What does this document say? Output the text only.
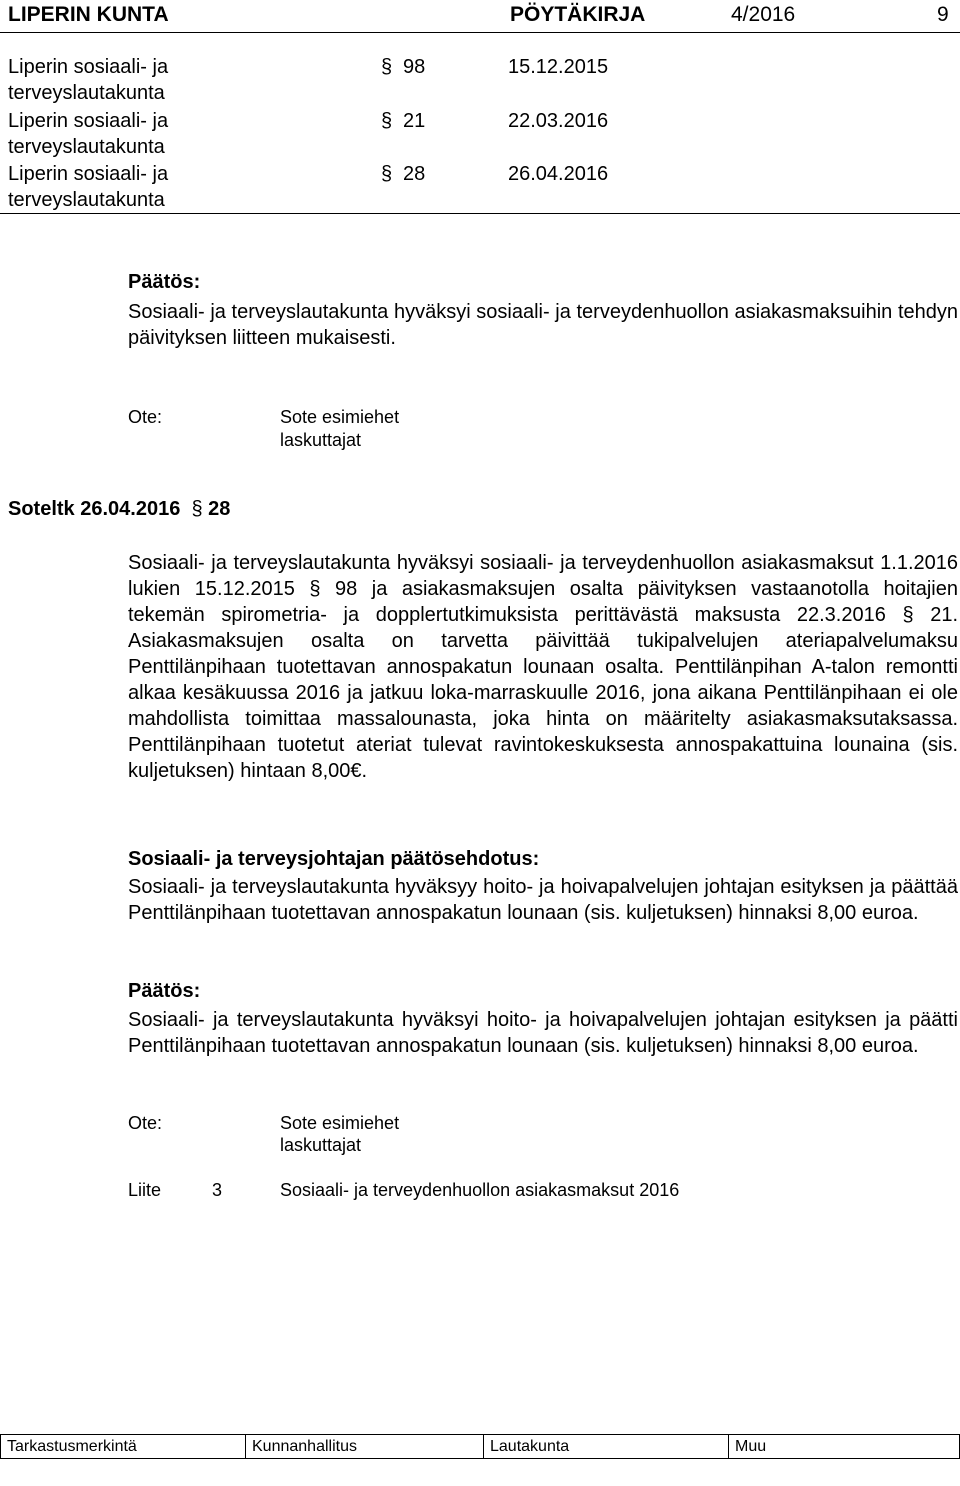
LIPERIN KUNTA	PÖYTÄKIRJA	4/2016	9
Liperin sosiaali- ja
terveyslautakunta
§ 98	15.12.2015
Liperin sosiaali- ja
terveyslautakunta
§ 21	22.03.2016
Liperin sosiaali- ja
terveyslautakunta
§ 28	26.04.2016
Päätös:
Sosiaali- ja terveyslautakunta hyväksyi sosiaali- ja terveydenhuollon asiakasmaksuihin tehdyn päivityksen liitteen mukaisesti.
Ote:	Sote esimiehet
laskuttajat
Soteltk 26.04.2016  § 28
Sosiaali- ja terveyslautakunta hyväksyi sosiaali- ja terveydenhuollon asiakasmaksut 1.1.2016 lukien 15.12.2015 § 98 ja asiakasmaksujen osalta päivityksen vastaanotolla hoitajien tekemän spirometria- ja dopplertutkimuksista perittävästä maksusta 22.3.2016 § 21. Asiakasmaksujen osalta on tarvetta päivittää tukipalvelujen ateriapalvelumaksu Penttilänpihaan tuotettavan annospakatun lounaan osalta. Penttilänpihan A-talon remontti alkaa kesäkuussa 2016 ja jatkuu loka-marraskuulle 2016, jona aikana Penttilänpihaan ei ole mahdollista toimittaa massalounasta, joka hinta on määritelty asiakasmaksutaksassa. Penttilänpihaan tuotetut ateriat tulevat ravintokeskuksesta annospakattuina lounaina (sis. kuljetuksen) hintaan 8,00€.
Sosiaali- ja terveysjohtajan päätösehdotus:
Sosiaali- ja terveyslautakunta hyväksyy hoito- ja hoivapalvelujen johtajan esityksen ja päättää Penttilänpihaan tuotettavan annospakatun lounaan (sis. kuljetuksen) hinnaksi 8,00 euroa.
Päätös:
Sosiaali- ja terveyslautakunta hyväksyi hoito- ja hoivapalvelujen johtajan esityksen ja päätti Penttilänpihaan tuotettavan annospakatun lounaan (sis. kuljetuksen) hinnaksi 8,00 euroa.
Ote:	Sote esimiehet
laskuttajat
Liite	3	Sosiaali- ja terveydenhuollon asiakasmaksut 2016
Tarkastusmerkintä	Kunnanhallitus	Lautakunta	Muu
